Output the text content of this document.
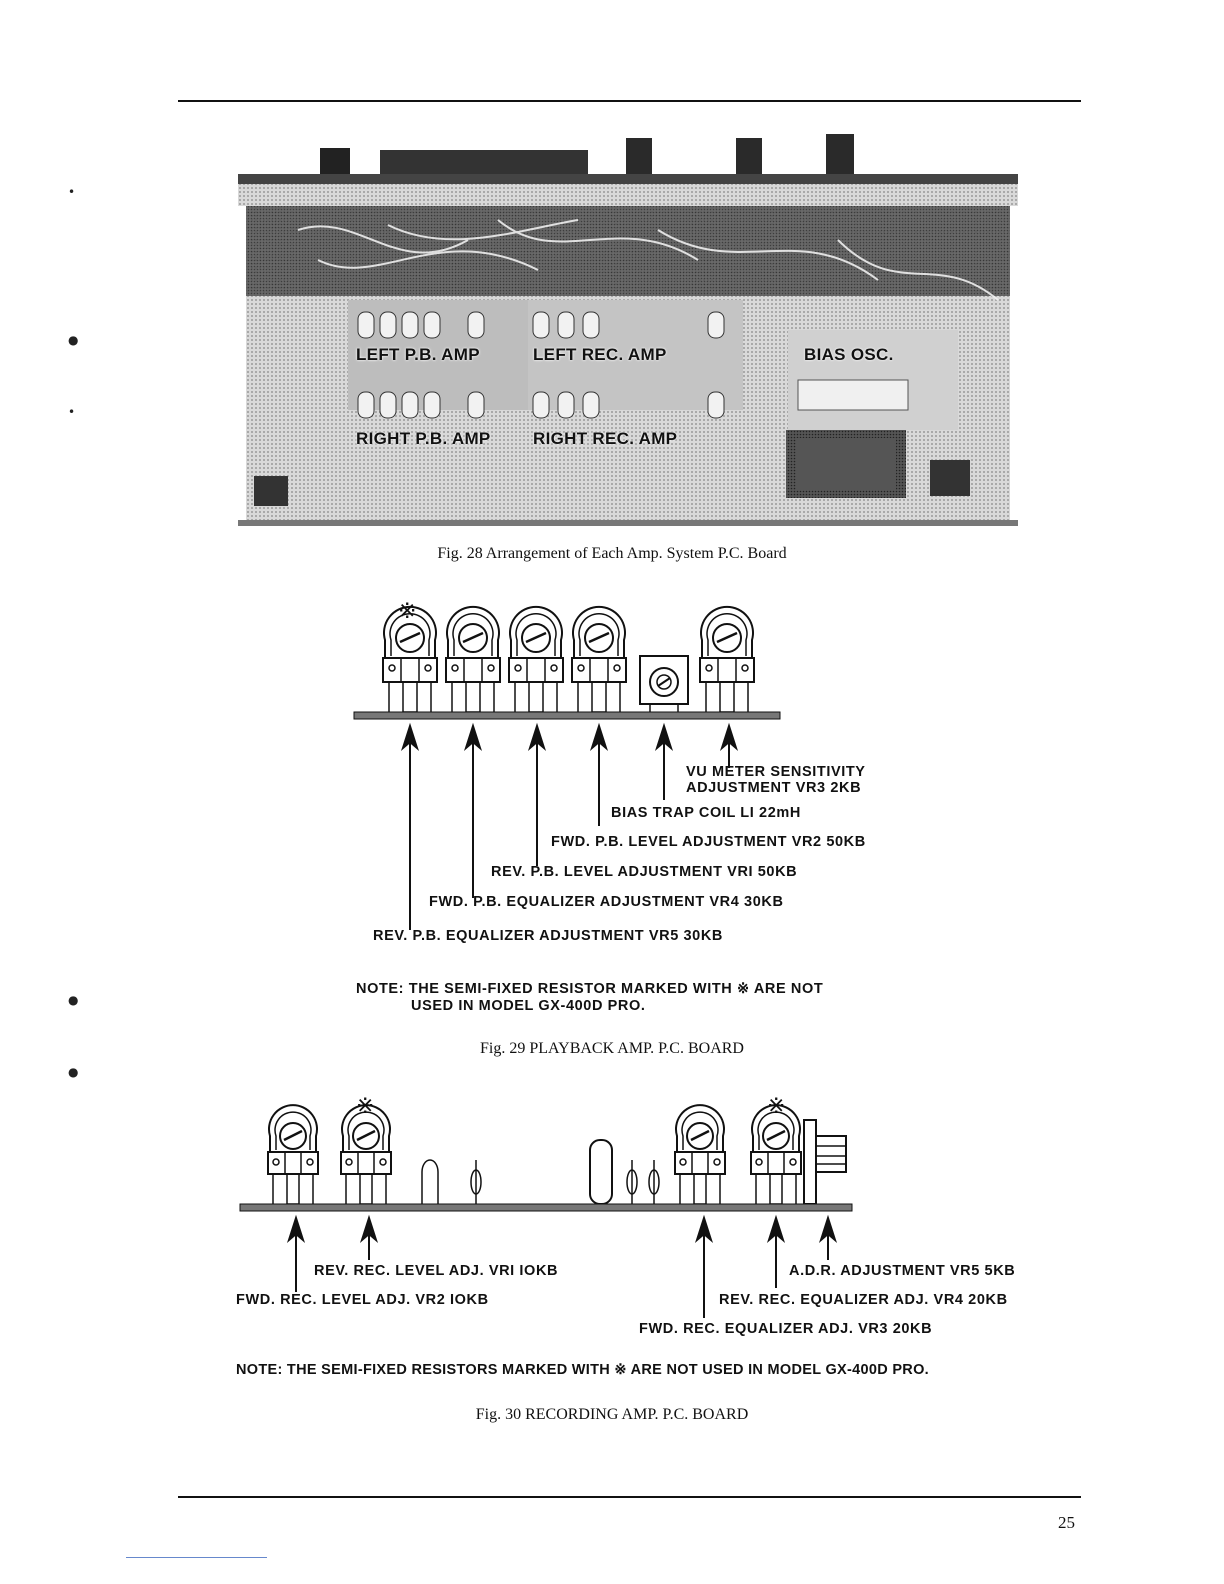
•
●
•
●
●
LEFT P.B. AMP	LEFT REC. AMP	BIAS OSC.
RIGHT P.B. AMP RIGHT REC. AMP
Fig. 28 Arrangement of Each Amp. System P.C. Board
※
VU METER SENSITIVITY
ADJUSTMENT VR3 2KB
BIAS TRAP COIL LI 22mH
FWD. P.B. LEVEL ADJUSTMENT VR2 50KB
REV. P.B. LEVEL ADJUSTMENT VRI 50KB
FWD. P.B. EQUALIZER ADJUSTMENT VR4 30KB
REV. P.B. EQUALIZER ADJUSTMENT VR5 30KB
NOTE: THE SEMI-FIXED RESISTOR MARKED WITH ※ ARE NOT
USED IN MODEL GX-400D PRO.
Fig. 29 PLAYBACK AMP. P.C. BOARD
※	※
REV. REC. LEVEL ADJ. VRI IOKB
FWD. REC. LEVEL ADJ. VR2 IOKB
A.D.R. ADJUSTMENT VR5 5KB
REV. REC. EQUALIZER ADJ. VR4 20KB
FWD. REC. EQUALIZER ADJ. VR3 20KB
NOTE: THE SEMI-FIXED RESISTORS MARKED WITH ※ ARE NOT USED IN MODEL GX-400D PRO.
Fig. 30 RECORDING AMP. P.C. BOARD
25
